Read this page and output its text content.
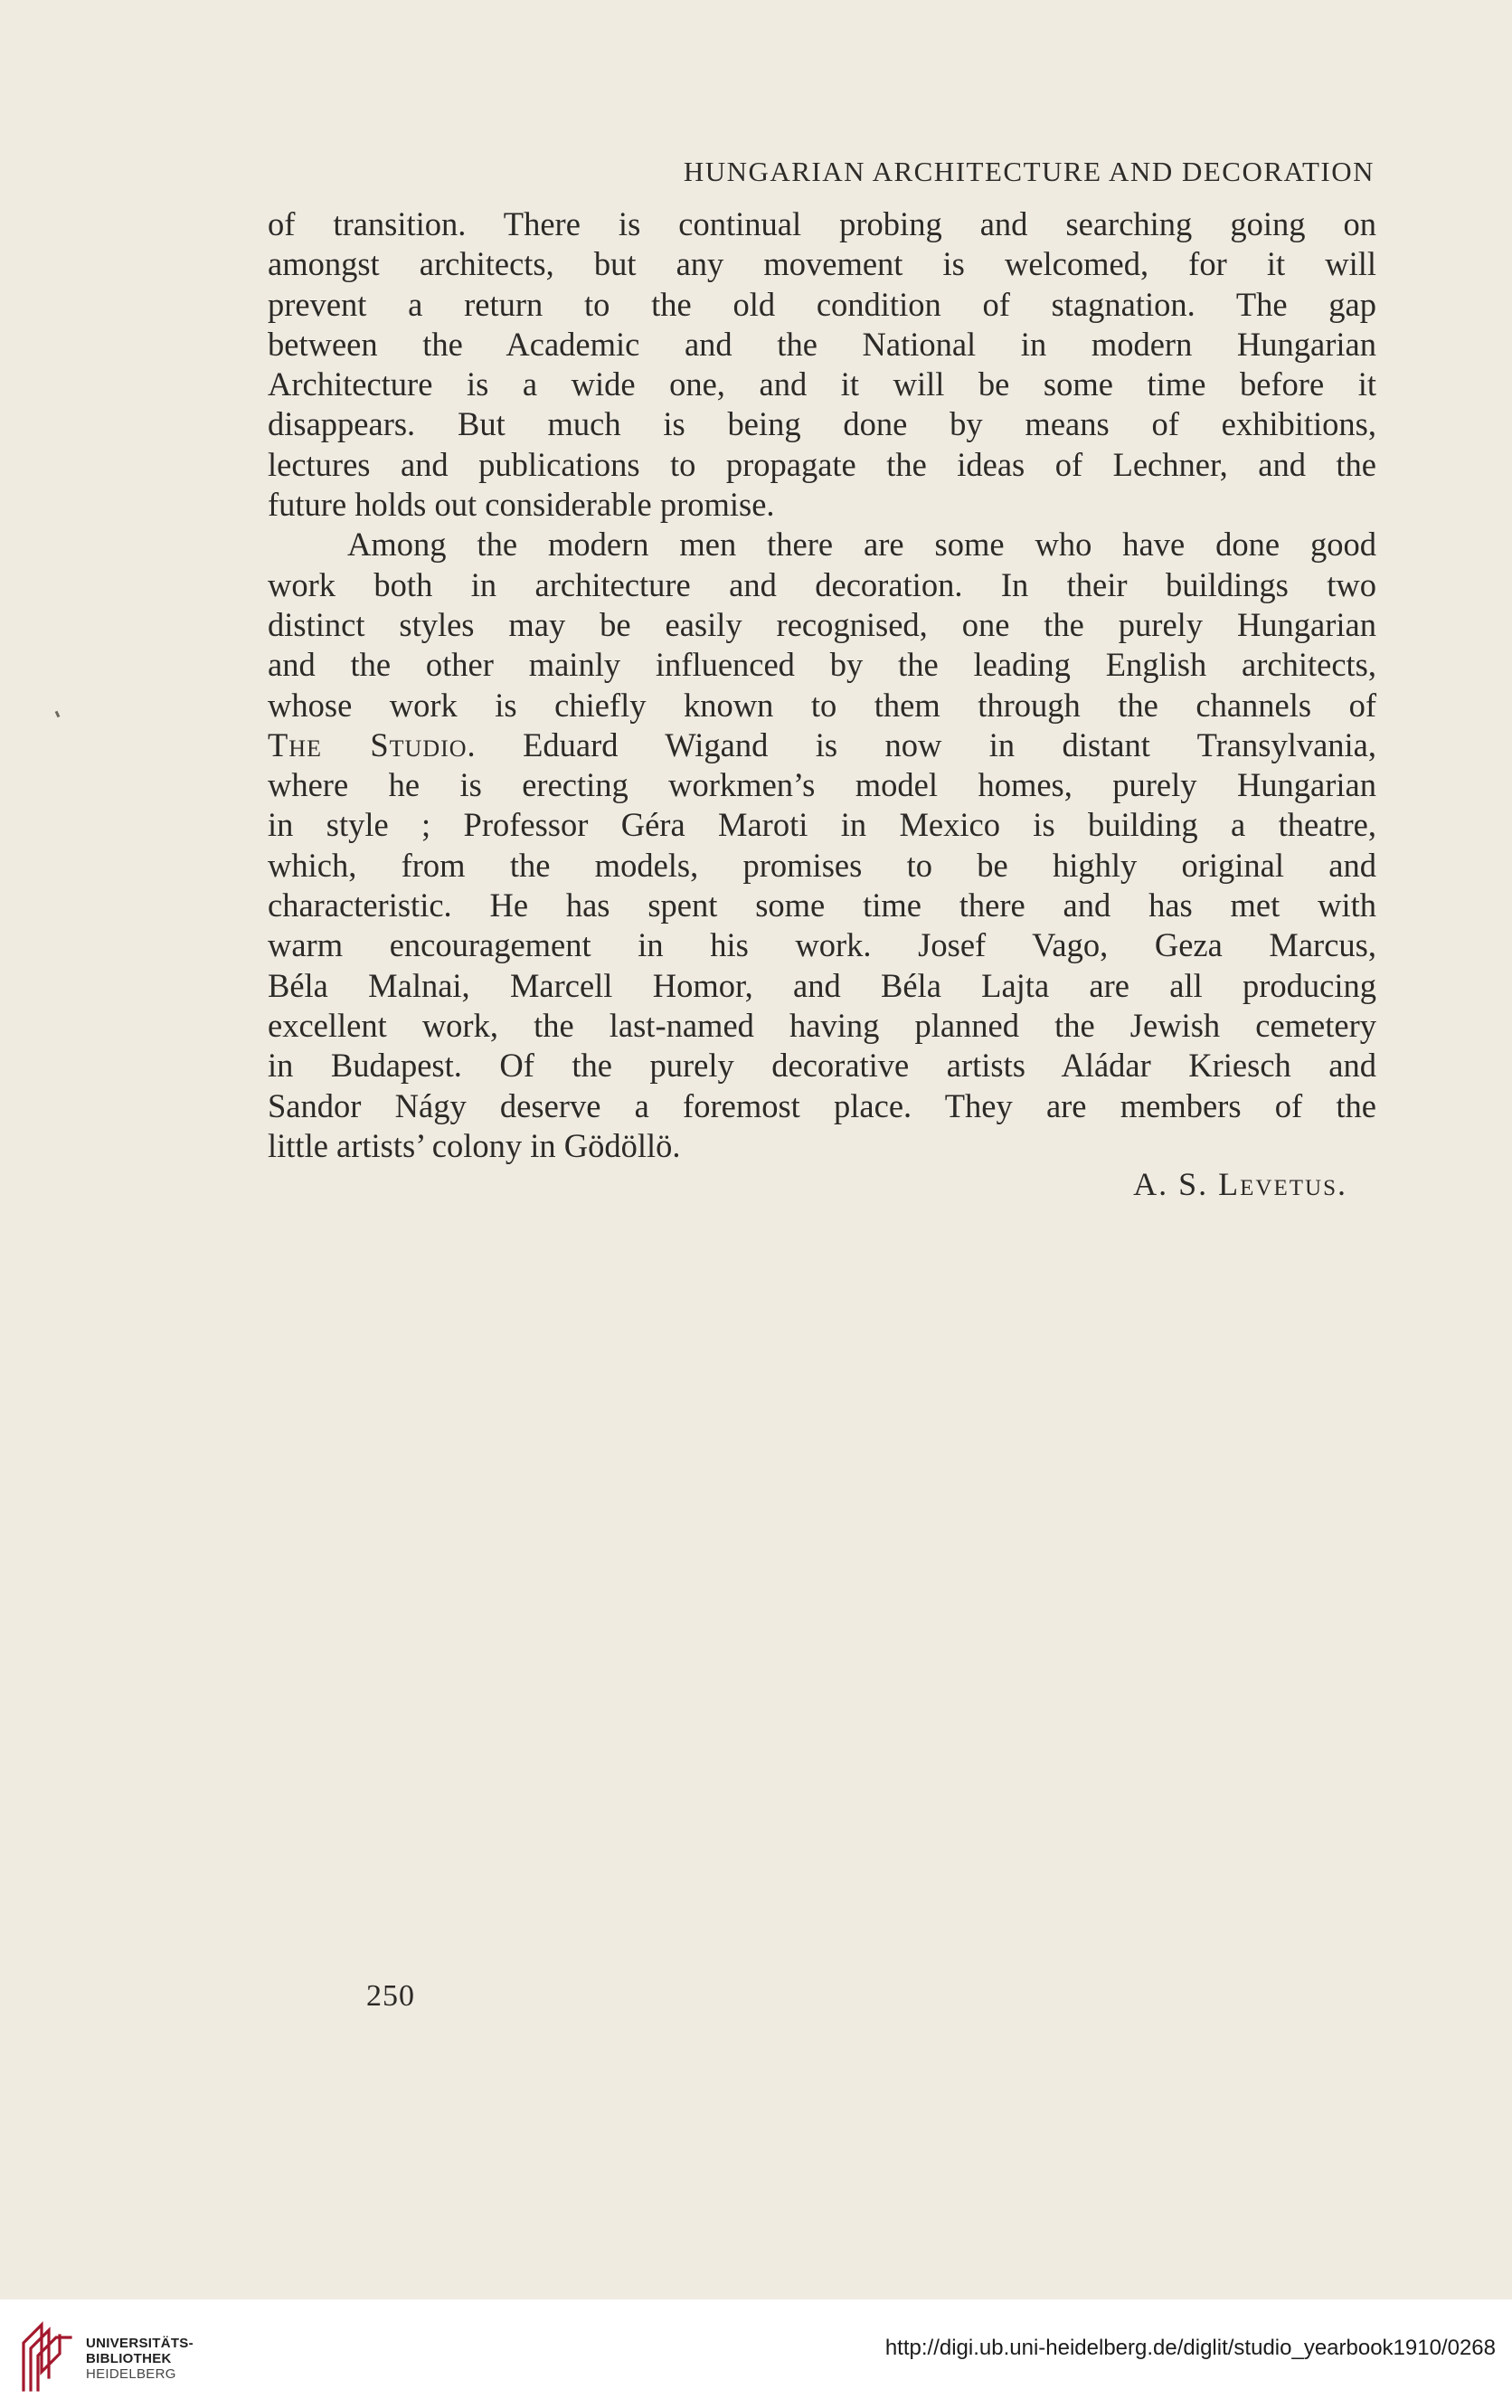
HUNGARIAN ARCHITECTURE AND DECORATION
of transition. There is continual probing and searching going on
amongst architects, but any movement is welcomed, for it will
prevent a return to the old condition of stagnation. The gap
between the Academic and the National in modern Hungarian
Architecture is a wide one, and it will be some time before it
disappears. But much is being done by means of exhibitions,
lectures and publications to propagate the ideas of Lechner, and the
future holds out considerable promise.
Among the modern men there are some who have done good
work both in architecture and decoration. In their buildings two
distinct styles may be easily recognised, one the purely Hungarian
and the other mainly influenced by the leading English architects,
whose work is chiefly known to them through the channels of
The Studio. Eduard Wigand is now in distant Transylvania,
where he is erecting workmen’s model homes, purely Hungarian
in style ; Professor Géra Maroti in Mexico is building a theatre,
which, from the models, promises to be highly original and
characteristic. He has spent some time there and has met with
warm encouragement in his work. Josef Vago, Geza Marcus,
Béla Malnai, Marcell Homor, and Béla Lajta are all producing
excellent work, the last-named having planned the Jewish cemetery
in Budapest. Of the purely decorative artists Aládar Kriesch and
Sandor Nágy deserve a foremost place. They are members of the
little artists’ colony in Gödöllö.
A. S. Levetus.
250
UNIVERSITÄTS-
BIBLIOTHEK
HEIDELBERG
http://digi.ub.uni-heidelberg.de/diglit/studio_yearbook1910/0268
